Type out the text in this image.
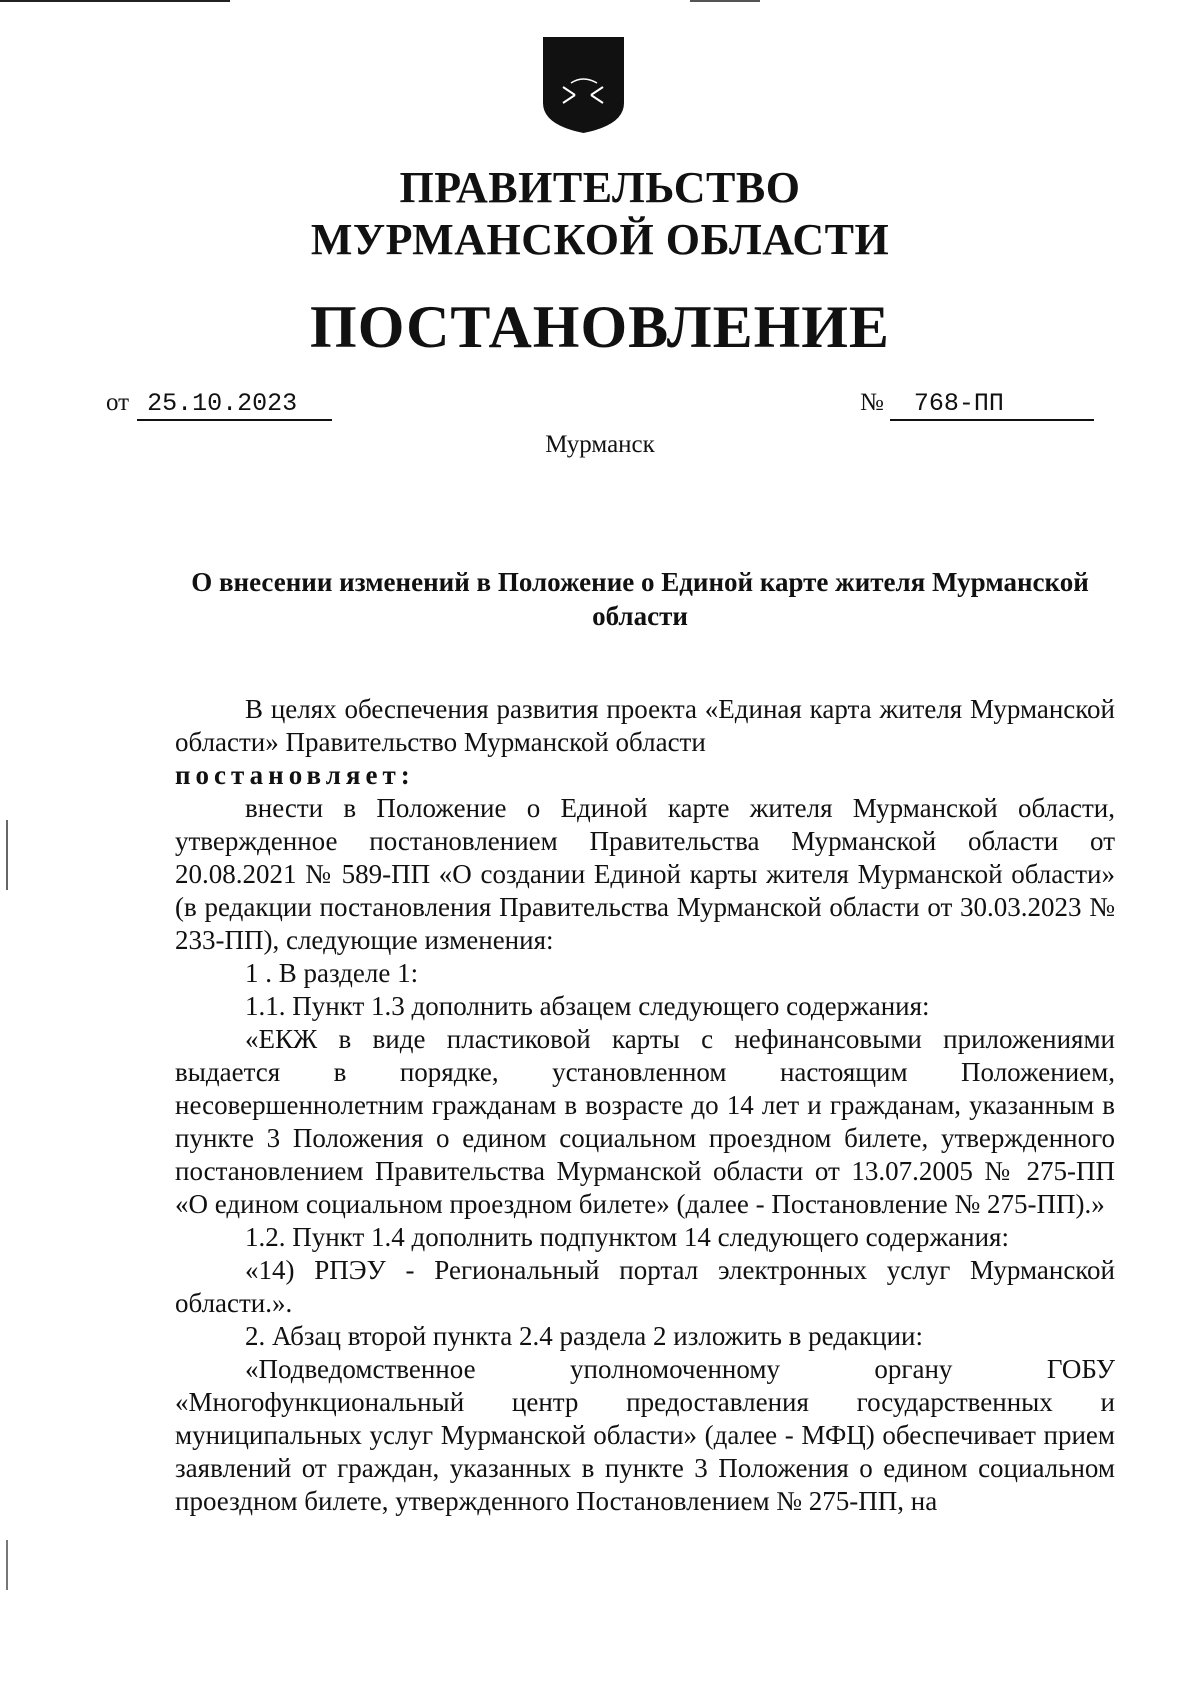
ПРАВИТЕЛЬСТВО
МУРМАНСКОЙ ОБЛАСТИ
ПОСТАНОВЛЕНИЕ
от 25.10.2023	№ 768-ПП
Мурманск
О внесении изменений в Положение о Единой карте жителя Мурманской
области

В целях обеспечения развития проекта «Единая карта жителя Мурманской области» Правительство Мурманской области

постановляет:

внести в Положение о Единой карте жителя Мурманской области, утвержденное постановлением Правительства Мурманской области от 20.08.2021 № 589-ПП «О создании Единой карты жителя Мурманской области» (в редакции постановления Правительства Мурманской области от 30.03.2023 № 233-ПП), следующие изменения:

1 . В разделе 1:

1.1. Пункт 1.3 дополнить абзацем следующего содержания:

«ЕКЖ в виде пластиковой карты с нефинансовыми приложениями выдается в порядке, установленном настоящим Положением, несовершеннолетним гражданам в возрасте до 14 лет и гражданам, указанным в пункте 3 Положения о едином социальном проездном билете, утвержденного постановлением Правительства Мурманской области от 13.07.2005 № 275-ПП «О едином социальном проездном билете» (далее - Постановление № 275-ПП).»

1.2. Пункт 1.4 дополнить подпунктом 14 следующего содержания:

«14) РПЭУ - Региональный портал электронных услуг Мурманской области.».

2. Абзац второй пункта 2.4 раздела 2 изложить в редакции:

«Подведомственное уполномоченному органу ГОБУ «Многофункциональный центр предоставления государственных и муниципальных услуг Мурманской области» (далее - МФЦ) обеспечивает прием заявлений от граждан, указанных в пункте 3 Положения о едином социальном проездном билете, утвержденного Постановлением № 275-ПП, на
